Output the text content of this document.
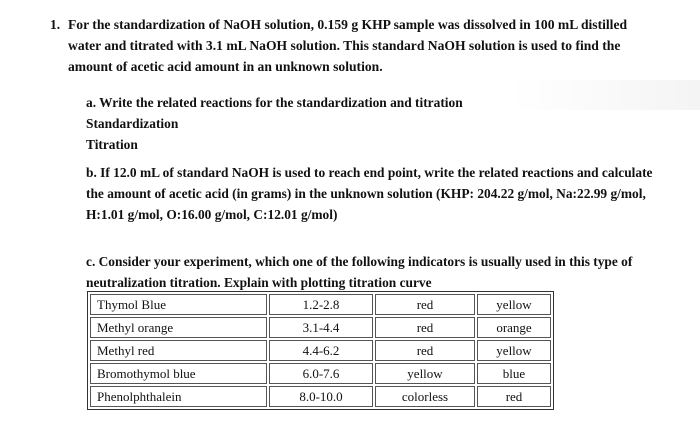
1. For the standardization of NaOH solution, 0.159 g KHP sample was dissolved in 100 mL distilled water and titrated with 3.1 mL NaOH solution. This standard NaOH solution is used to find the amount of acetic acid amount in an unknown solution.
a. Write the related reactions for the standardization and titration
Standardization
Titration
b. If 12.0 mL of standard NaOH is used to reach end point, write the related reactions and calculate the amount of acetic acid (in grams) in the unknown solution (KHP: 204.22 g/mol, Na:22.99 g/mol, H:1.01 g/mol, O:16.00 g/mol, C:12.01 g/mol)
c. Consider your experiment, which one of the following indicators is usually used in this type of neutralization titration. Explain with plotting titration curve
Thymol Blue	1.2-2.8	red	yellow
Methyl orange	3.1-4.4	red	orange
Methyl red	4.4-6.2	red	yellow
Bromothymol blue	6.0-7.6	yellow	blue
Phenolphthalein	8.0-10.0	colorless	red
